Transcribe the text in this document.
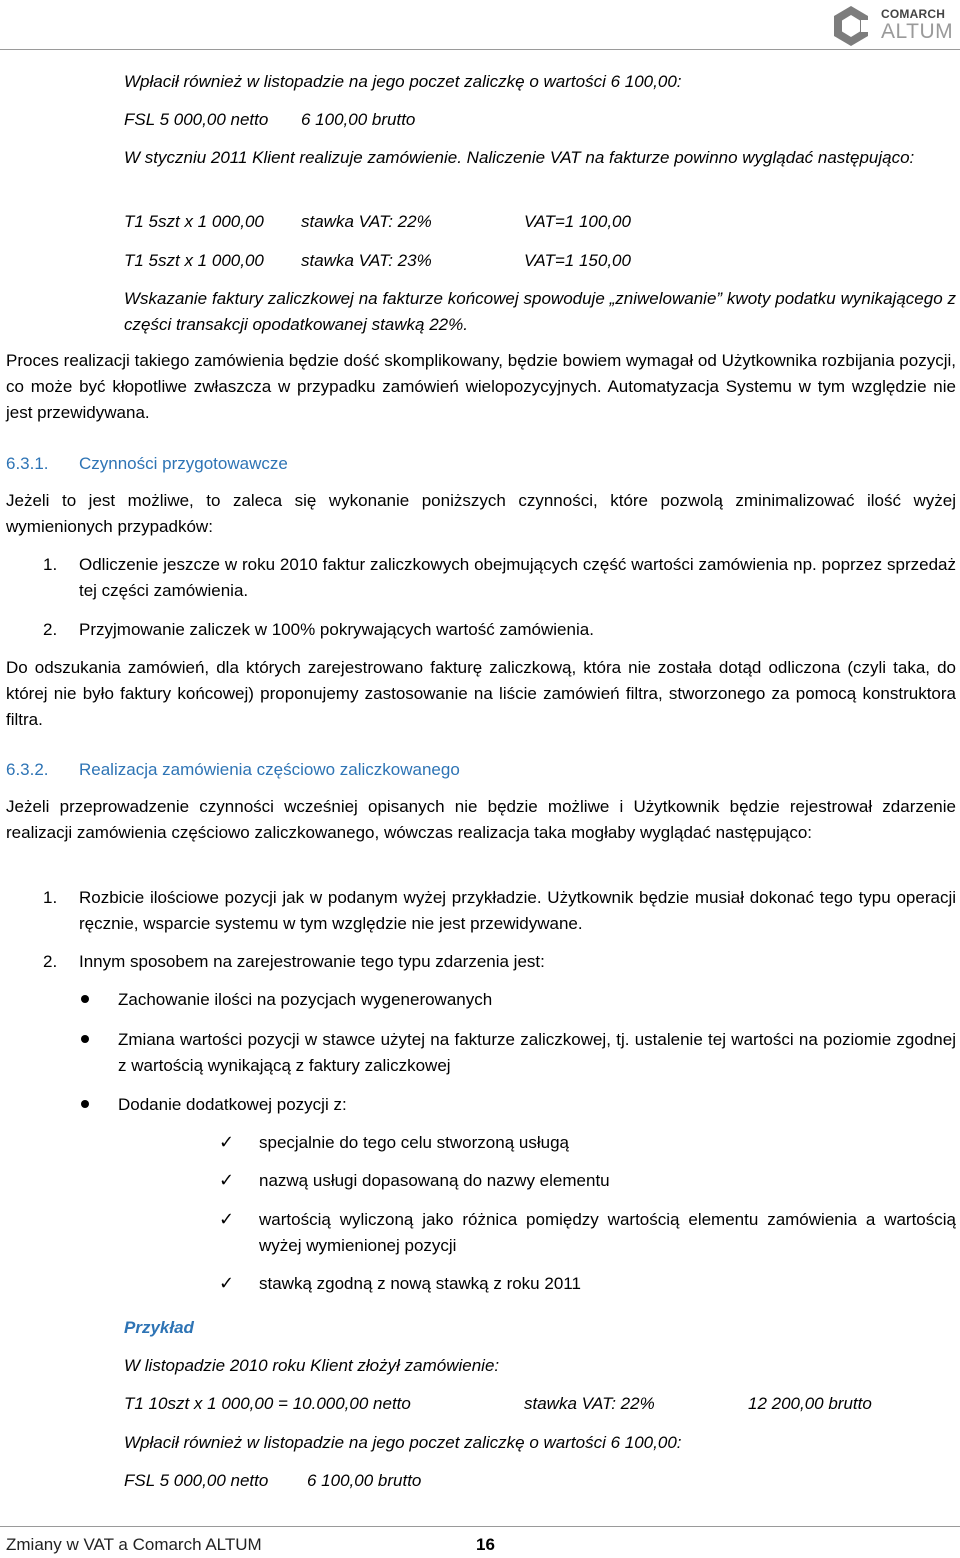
COMARCH
ALTUM
Wpłacił również w listopadzie na jego poczet zaliczkę o wartości 6 100,00:
FSL 5 000,00 netto 6 100,00 brutto
W styczniu 2011 Klient realizuje zamówienie. Naliczenie VAT na fakturze powinno wyglądać następująco:
T1 5szt x 1 000,00 stawka VAT: 22%	VAT=1 100,00
T1 5szt x 1 000,00 stawka VAT: 23%	VAT=1 150,00
Wskazanie faktury zaliczkowej na fakturze końcowej spowoduje „zniwelowanie” kwoty podatku wynikającego z części transakcji opodatkowanej stawką 22%.
Proces realizacji takiego zamówienia będzie dość skomplikowany, będzie bowiem wymagał od Użytkownika rozbijania pozycji, co może być kłopotliwe zwłaszcza w przypadku zamówień wielopozycyjnych. Automatyzacja Systemu w tym względzie nie jest przewidywana.
6.3.1. Czynności przygotowawcze
Jeżeli to jest możliwe, to zaleca się wykonanie poniższych czynności, które pozwolą zminimalizować ilość wyżej wymienionych przypadków:
1. Odliczenie jeszcze w roku 2010 faktur zaliczkowych obejmujących część wartości zamówienia np. poprzez sprzedaż tej części zamówienia.
2. Przyjmowanie zaliczek w 100% pokrywających wartość zamówienia.
Do odszukania zamówień, dla których zarejestrowano fakturę zaliczkową, która nie została dotąd odliczona (czyli taka, do której nie było faktury końcowej) proponujemy zastosowanie na liście zamówień filtra, stworzonego za pomocą konstruktora filtra.
6.3.2. Realizacja zamówienia częściowo zaliczkowanego
Jeżeli przeprowadzenie czynności wcześniej opisanych nie będzie możliwe i Użytkownik będzie rejestrował zdarzenie realizacji zamówienia częściowo zaliczkowanego, wówczas realizacja taka mogłaby wyglądać następująco:
1. Rozbicie ilościowe pozycji jak w podanym wyżej przykładzie. Użytkownik będzie musiał dokonać tego typu operacji ręcznie, wsparcie systemu w tym względzie nie jest przewidywane.
2. Innym sposobem na zarejestrowanie tego typu zdarzenia jest:
Zachowanie ilości na pozycjach wygenerowanych
Zmiana wartości pozycji w stawce użytej na fakturze zaliczkowej, tj. ustalenie tej wartości na poziomie zgodnej z wartością wynikającą z faktury zaliczkowej
Dodanie dodatkowej pozycji z:
✓ specjalnie do tego celu stworzoną usługą
✓ nazwą usługi dopasowaną do nazwy elementu
✓ wartością wyliczoną jako różnica pomiędzy wartością elementu zamówienia a wartością wyżej wymienionej pozycji
✓ stawką zgodną z nową stawką z roku 2011
Przykład
W listopadzie 2010 roku Klient złożył zamówienie:
T1 10szt x 1 000,00 = 10.000,00 netto	stawka VAT: 22%	12 200,00 brutto
Wpłacił również w listopadzie na jego poczet zaliczkę o wartości 6 100,00:
FSL 5 000,00 netto 6 100,00 brutto
Zmiany w VAT a Comarch ALTUM	16
